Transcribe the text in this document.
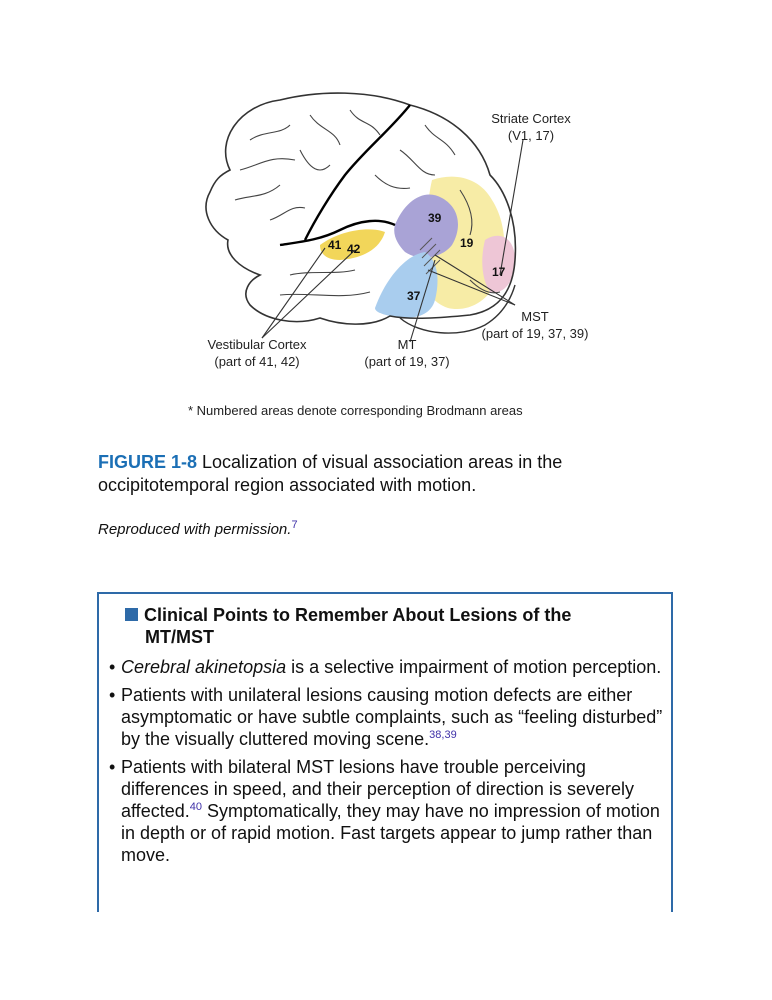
39
19
17
37
41 42
Striate Cortex
(V1, 17)
MST
(part of 19, 37, 39)
MT
(part of 19, 37)
Vestibular Cortex
(part of 41, 42)
* Numbered areas denote corresponding Brodmann areas
FIGURE 1-8 Localization of visual association areas in the occipitotemporal region associated with motion.
Reproduced with permission.$^7$
Clinical Points to Remember About Lesions of the
MT/MST
• Cerebral akinetopsia is a selective impairment of motion perception.
• Patients with unilateral lesions causing motion defects are either asymptomatic or have subtle complaints, such as “feeling disturbed” by the visually cluttered moving scene.$^{38,39}$
• Patients with bilateral MST lesions have trouble perceiving differences in speed, and their perception of direction is severely affected.$^{40}$ Symptomatically, they may have no impression of motion in depth or of rapid motion. Fast targets appear to jump rather than move.
